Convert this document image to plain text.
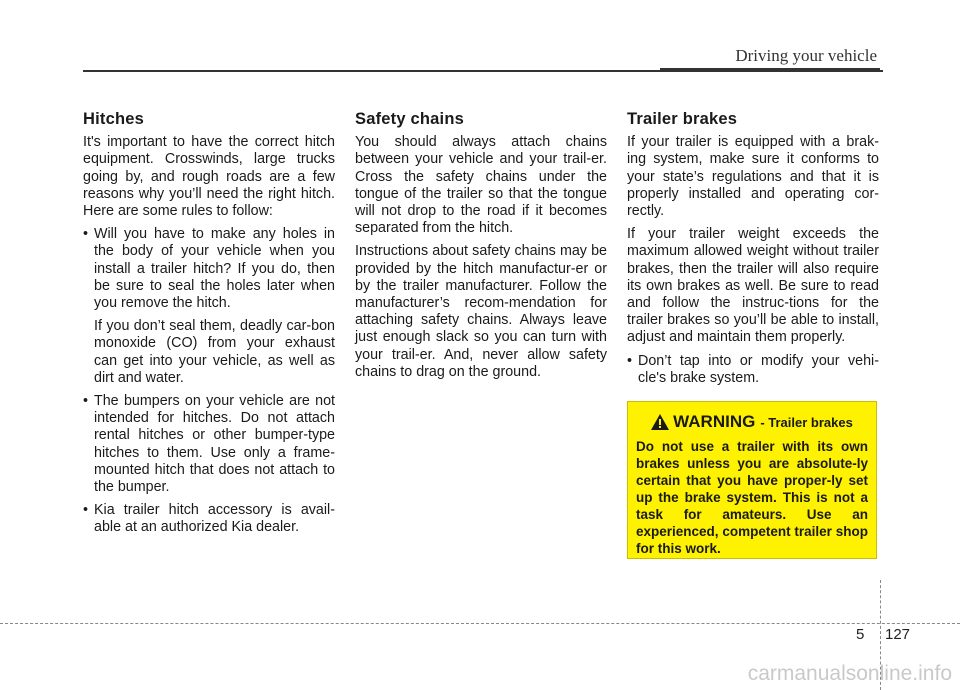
Driving your vehicle
Hitches

It's important to have the correct hitch equipment. Crosswinds, large trucks going by, and rough roads are a few reasons why you’ll need the right hitch. Here are some rules to follow:

• Will you have to make any holes in the body of your vehicle when you install a trailer hitch? If you do, then be sure to seal the holes later when you remove the hitch.
If you don’t seal them, deadly car-bon monoxide (CO) from your exhaust can get into your vehicle, as well as dirt and water.
• The bumpers on your vehicle are not intended for hitches. Do not attach rental hitches or other bumper-type hitches to them. Use only a frame-mounted hitch that does not attach to the bumper.
• Kia trailer hitch accessory is avail-able at an authorized Kia dealer.
Safety chains

You should always attach chains between your vehicle and your trail-er. Cross the safety chains under the tongue of the trailer so that the tongue will not drop to the road if it becomes separated from the hitch.

Instructions about safety chains may be provided by the hitch manufactur-er or by the trailer manufacturer. Follow the manufacturer’s recom-mendation for attaching safety chains. Always leave just enough slack so you can turn with your trail-er. And, never allow safety chains to drag on the ground.

Trailer brakes

If your trailer is equipped with a brak-ing system, make sure it conforms to your state’s regulations and that it is properly installed and operating cor-rectly.

If your trailer weight exceeds the maximum allowed weight without trailer brakes, then the trailer will also require its own brakes as well. Be sure to read and follow the instruc-tions for the trailer brakes so you’ll be able to install, adjust and maintain them properly.

• Don’t tap into or modify your vehi-cle's brake system.
WARNING - Trailer brakes
Do not use a trailer with its own brakes unless you are absolute-ly certain that you have proper-ly set up the brake system. This is not a task for amateurs. Use an experienced, competent trailer shop for this work.
5 127
carmanualsonline.info
